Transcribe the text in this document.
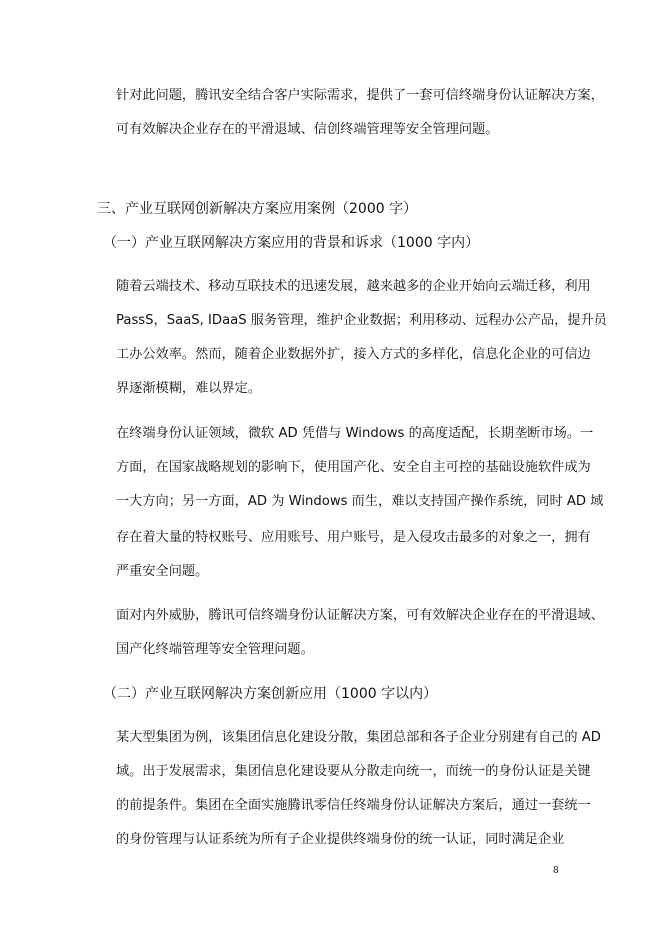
针对此问题，腾讯安全结合客户实际需求，提供了一套可信终端身份认证解决方案，
可有效解决企业存在的平滑退域、信创终端管理等安全管理问题。
三、产业互联网创新解决方案应用案例（2000 字）
（一）产业互联网解决方案应用的背景和诉求（1000 字内）
随着云端技术、移动互联技术的迅速发展，越来越多的企业开始向云端迁移，利用
PassS，SaaS, IDaaS 服务管理，维护企业数据；利用移动、远程办公产品，提升员
工办公效率。然而，随着企业数据外扩，接入方式的多样化，信息化企业的可信边
界逐渐模糊，难以界定。
在终端身份认证领域，微软 AD 凭借与 Windows 的高度适配，长期垄断市场。一
方面，在国家战略规划的影响下，使用国产化、安全自主可控的基础设施软件成为
一大方向；另一方面，AD 为 Windows 而生，难以支持国产操作系统，同时 AD 域
存在着大量的特权账号、应用账号、用户账号，是入侵攻击最多的对象之一，拥有
严重安全问题。
面对内外威胁，腾讯可信终端身份认证解决方案，可有效解决企业存在的平滑退域、
国产化终端管理等安全管理问题。
（二）产业互联网解决方案创新应用（1000 字以内）
某大型集团为例，该集团信息化建设分散，集团总部和各子企业分别建有自己的 AD
域。出于发展需求，集团信息化建设要从分散走向统一，而统一的身份认证是关键
的前提条件。集团在全面实施腾讯零信任终端身份认证解决方案后，通过一套统一
的身份管理与认证系统为所有子企业提供终端身份的统一认证，同时满足企业
8
